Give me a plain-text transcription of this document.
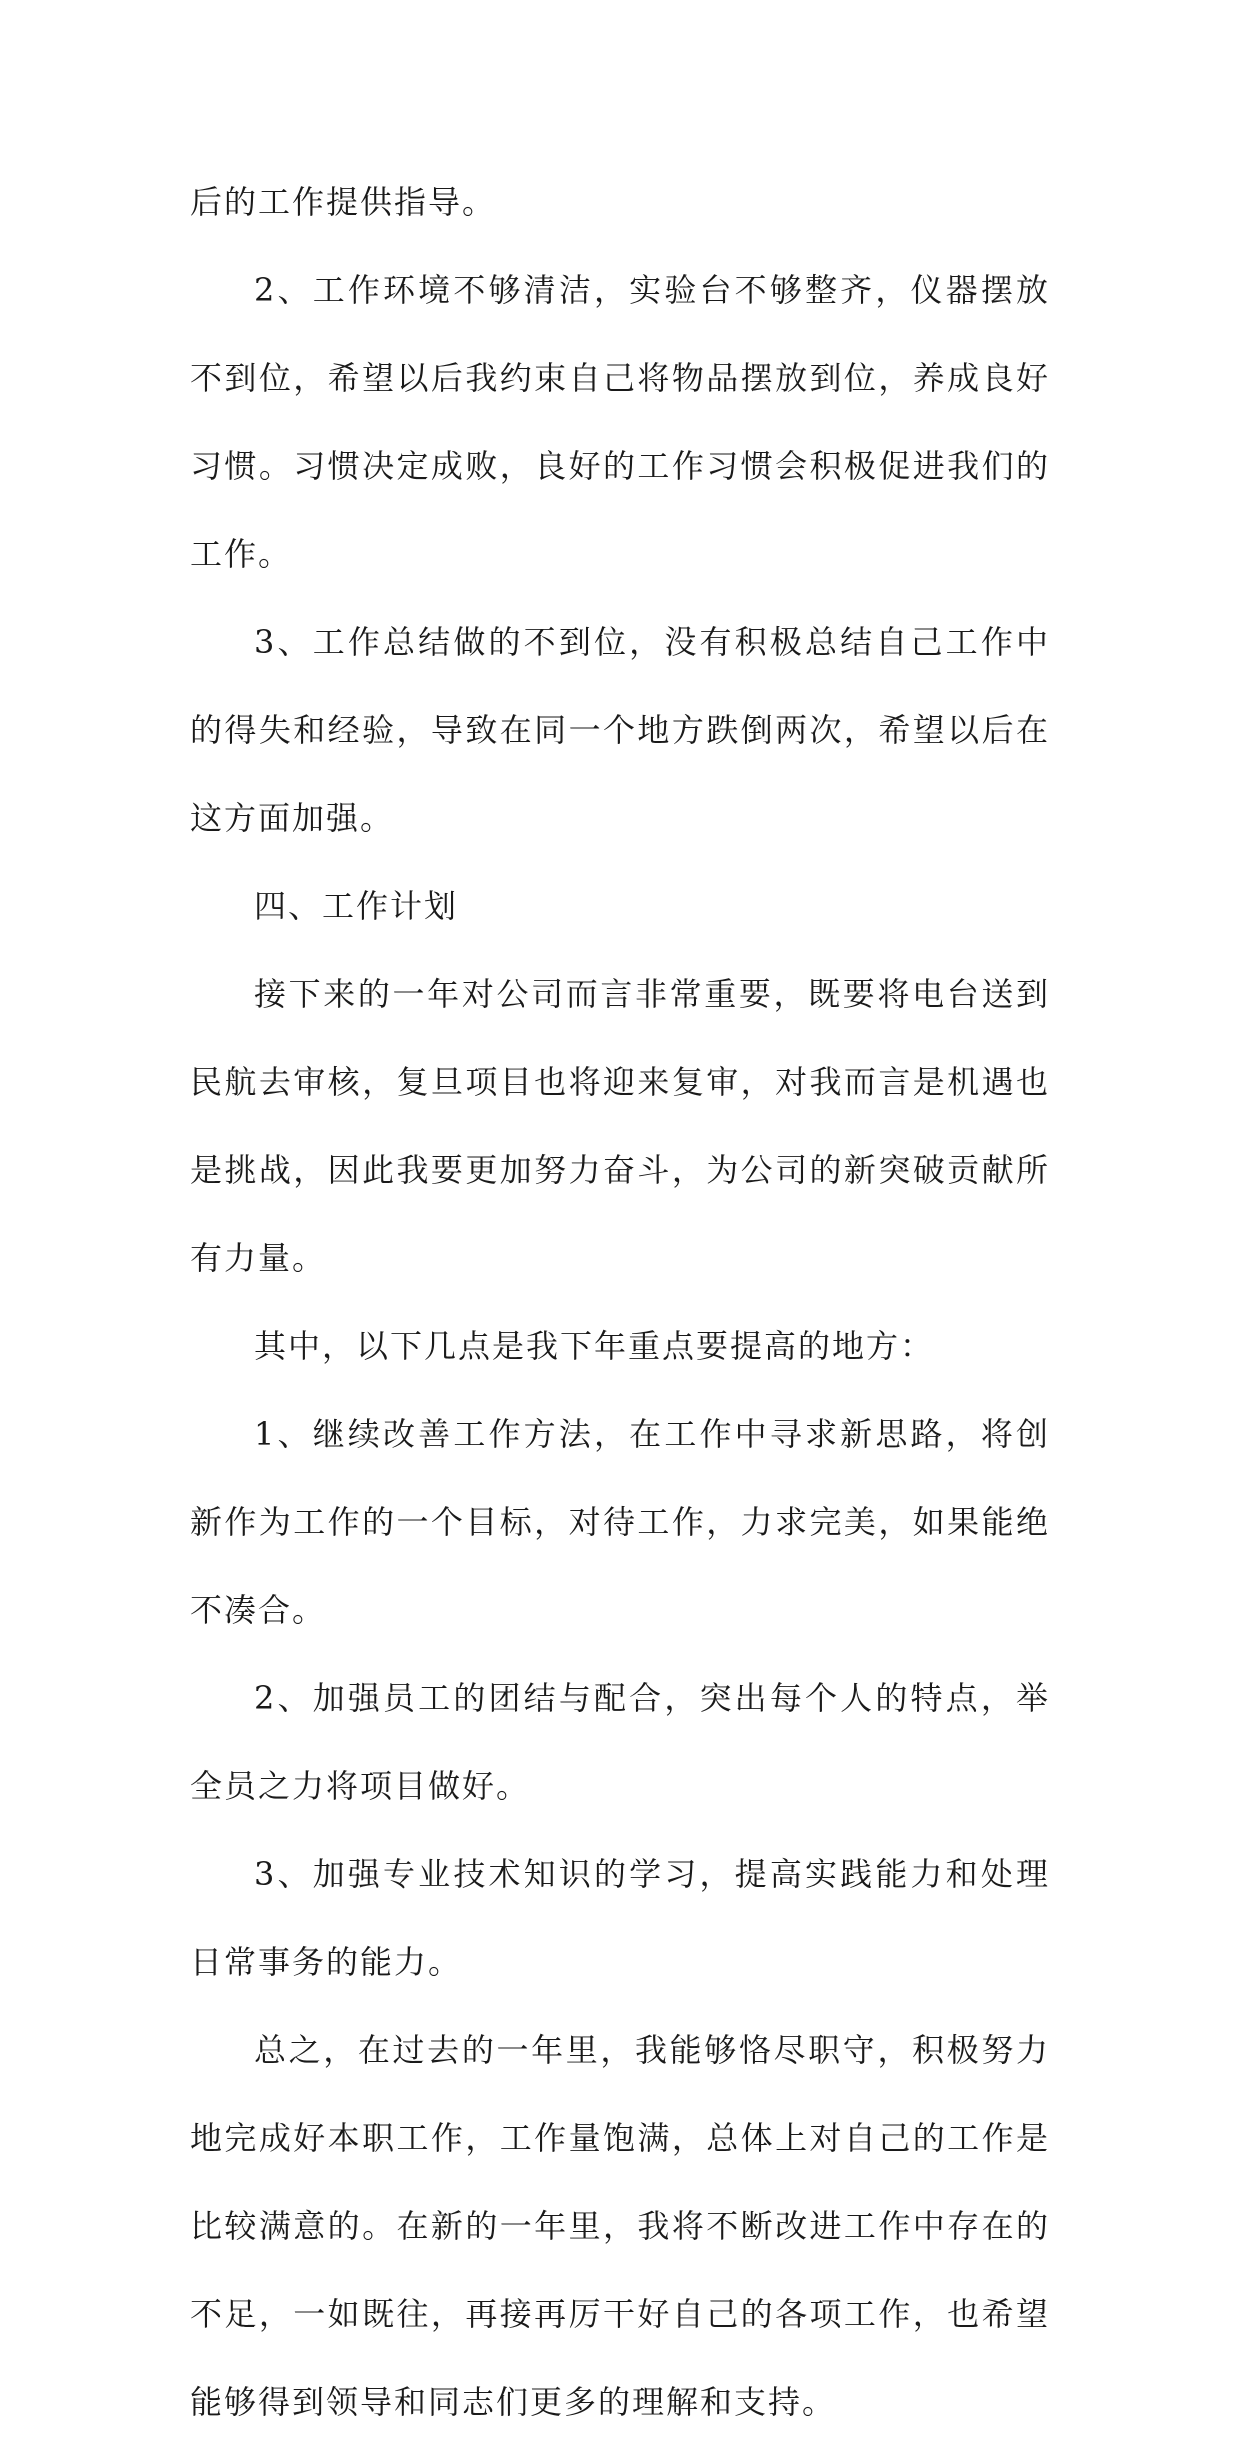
后的工作提供指导。

2、工作环境不够清洁，实验台不够整齐，仪器摆放不到位，希望以后我约束自己将物品摆放到位，养成良好习惯。习惯决定成败，良好的工作习惯会积极促进我们的工作。

3、工作总结做的不到位，没有积极总结自己工作中的得失和经验，导致在同一个地方跌倒两次，希望以后在这方面加强。

四、工作计划

接下来的一年对公司而言非常重要，既要将电台送到民航去审核，复旦项目也将迎来复审，对我而言是机遇也是挑战，因此我要更加努力奋斗，为公司的新突破贡献所有力量。

其中，以下几点是我下年重点要提高的地方：

1、继续改善工作方法，在工作中寻求新思路，将创新作为工作的一个目标，对待工作，力求完美，如果能绝不凑合。

2、加强员工的团结与配合，突出每个人的特点，举全员之力将项目做好。

3、加强专业技术知识的学习，提高实践能力和处理日常事务的能力。

总之，在过去的一年里，我能够恪尽职守，积极努力地完成好本职工作，工作量饱满，总体上对自己的工作是比较满意的。在新的一年里，我将不断改进工作中存在的不足，一如既往，再接再厉干好自己的各项工作，也希望能够得到领导和同志们更多的理解和支持。
